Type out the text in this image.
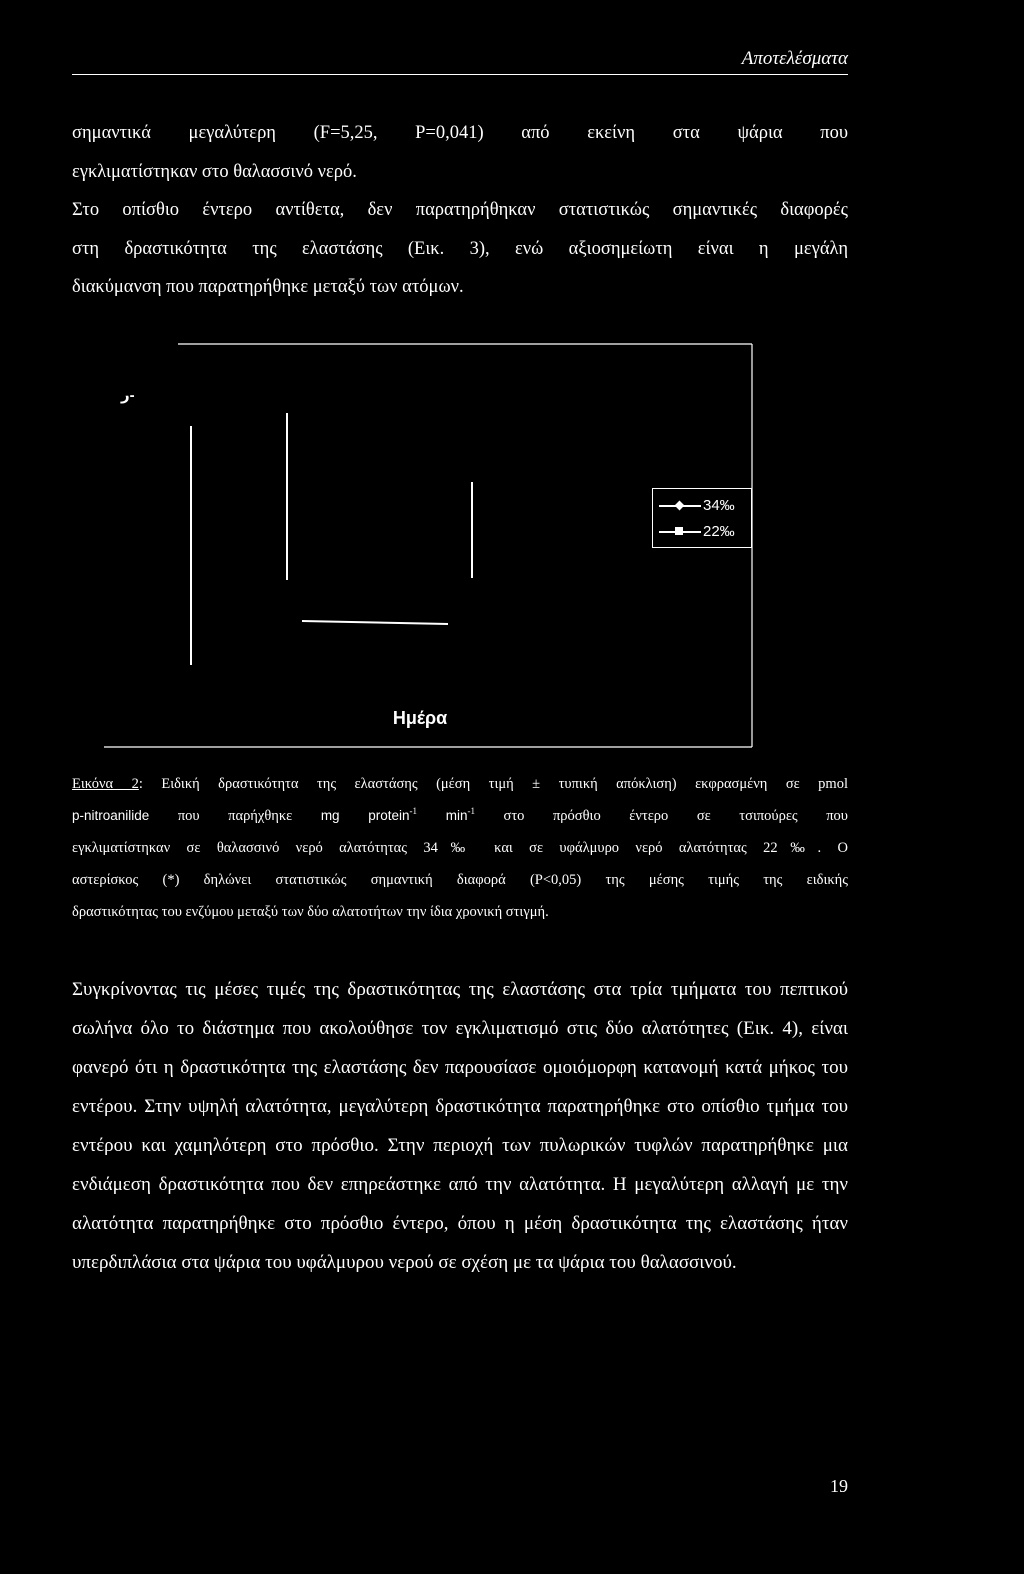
Αποτελέσματα

σημαντικά μεγαλύτερη (F=5,25, P=0,041) από εκείνη στα ψάρια που

εγκλιματίστηκαν στο θαλασσινό νερό.

Στο οπίσθιο έντερο αντίθετα, δεν παρατηρήθηκαν στατιστικώς σημαντικές διαφορές

στη δραστικότητα της ελαστάσης (Εικ. 3), ενώ αξιοσημείωτη είναι η μεγάλη

διακύμανση που παρατηρήθηκε μεταξύ των ατόμων.

ر-
34‰
22‰
Ημέρα

Εικόνα 2: Ειδική δραστικότητα της ελαστάσης (μέση τιμή ± τυπική απόκλιση) εκφρασμένη σε pmol

p-nitroanilide που παρήχθηκε mg protein$^{-1}$ $\min^{-1} \sigma\tau o$ πρόσθιο έντερο σε τσιπούρες που

εγκλιματίστηκαν σε θαλασσινό νερό αλατότητας 34‰ και σε υφάλμυρο νερό αλατότητας 22‰. Ο

αστερίσκος (*) δηλώνει στατιστικώς σημαντική διαφορά (P<0,05) της μέσης τιμής της ειδικής

δραστικότητας του ενζύμου μεταξύ των δύο αλατοτήτων την ίδια χρονική στιγμή.

Συγκρίνοντας τις μέσες τιμές της δραστικότητας της ελαστάσης στα τρία τμήματα του πεπτικού σωλήνα όλο το διάστημα που ακολούθησε τον εγκλιματισμό στις δύο αλατότητες (Εικ. 4), είναι φανερό ότι η δραστικότητα της ελαστάσης δεν παρουσίασε ομοιόμορφη κατανομή κατά μήκος του εντέρου. Στην υψηλή αλατότητα, μεγαλύτερη δραστικότητα παρατηρήθηκε στο οπίσθιο τμήμα του εντέρου και χαμηλότερη στο πρόσθιο. Στην περιοχή των πυλωρικών τυφλών παρατηρήθηκε μια ενδιάμεση δραστικότητα που δεν επηρεάστηκε από την αλατότητα. Η μεγαλύτερη αλλαγή με την αλατότητα παρατηρήθηκε στο πρόσθιο έντερο, όπου η μέση δραστικότητα της ελαστάσης ήταν υπερδιπλάσια στα ψάρια του υφάλμυρου νερού σε σχέση με τα ψάρια του θαλασσινού.

19
